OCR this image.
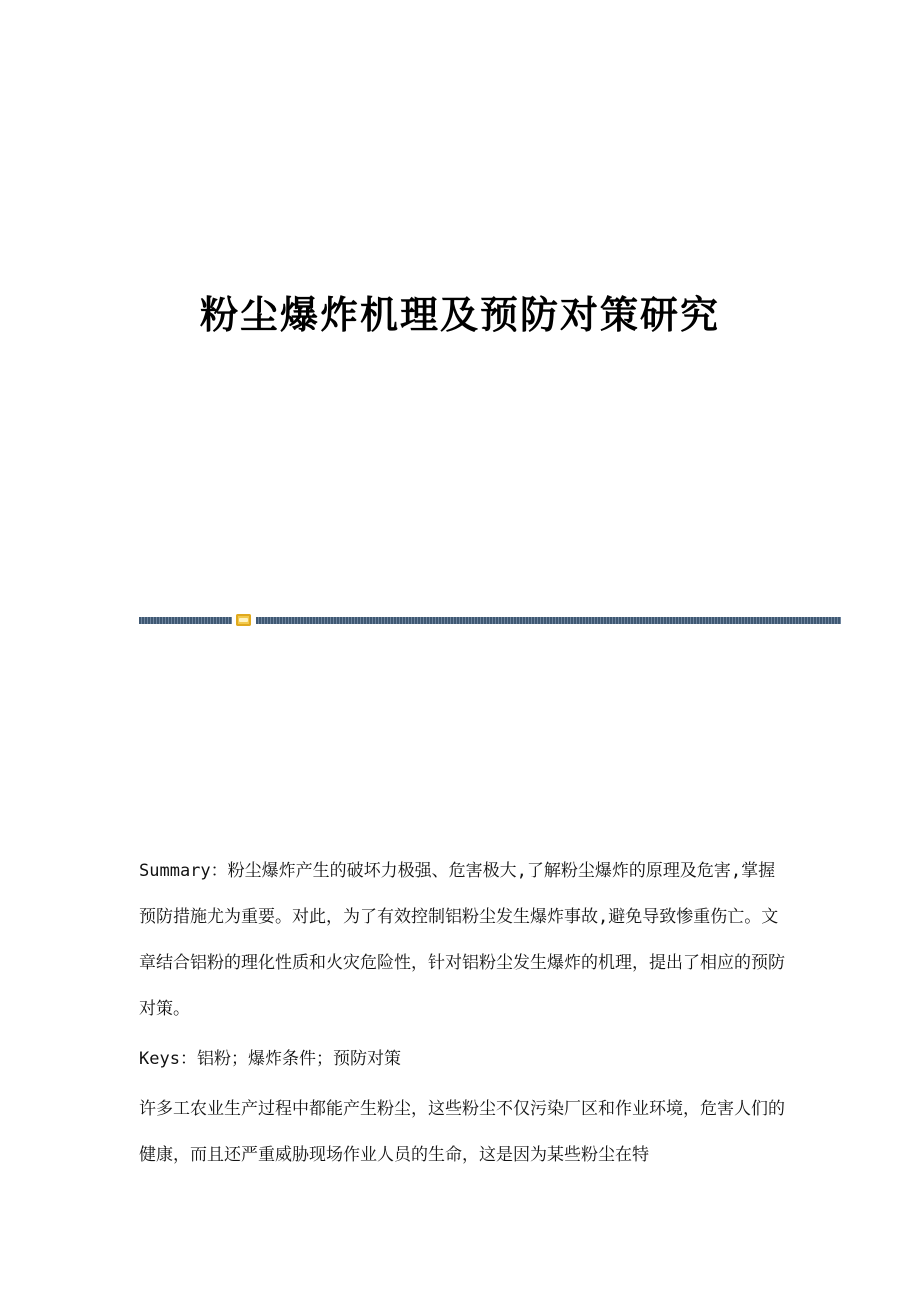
粉尘爆炸机理及预防对策研究

Summary：粉尘爆炸产生的破坏力极强、危害极大,了解粉尘爆炸的原理及危害,掌握预防措施尤为重要。对此，为了有效控制铝粉尘发生爆炸事故,避免导致惨重伤亡。文章结合铝粉的理化性质和火灾危险性，针对铝粉尘发生爆炸的机理，提出了相应的预防对策。

Keys：铝粉；爆炸条件；预防对策

许多工农业生产过程中都能产生粉尘，这些粉尘不仅污染厂区和作业环境，危害人们的健康，而且还严重威胁现场作业人员的生命，这是因为某些粉尘在特
